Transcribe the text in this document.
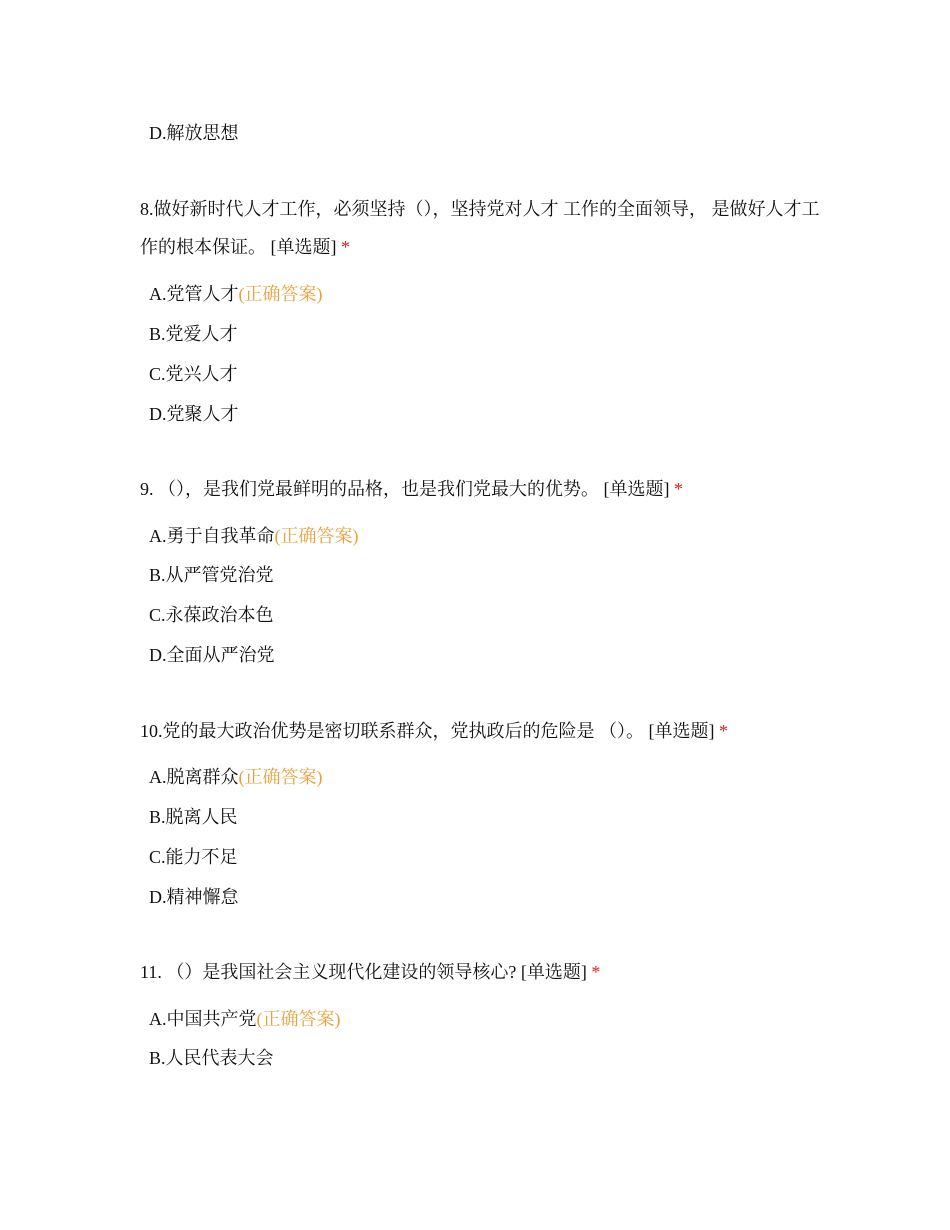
D.解放思想
8.做好新时代人才工作，必须坚持（），坚持党对人才 工作的全面领导， 是做好人才工作的根本保证。 [单选题] *
A.党管人才(正确答案)
B.党爱人才
C.党兴人才
D.党聚人才
9. （），是我们党最鲜明的品格，也是我们党最大的优势。 [单选题] *
A.勇于自我革命(正确答案)
B.从严管党治党
C.永葆政治本色
D.全面从严治党
10.党的最大政治优势是密切联系群众，党执政后的危险是 （）。 [单选题] *
A.脱离群众(正确答案)
B.脱离人民
C.能力不足
D.精神懈怠
11. （）是我国社会主义现代化建设的领导核心? [单选题] *
A.中国共产党(正确答案)
B.人民代表大会
